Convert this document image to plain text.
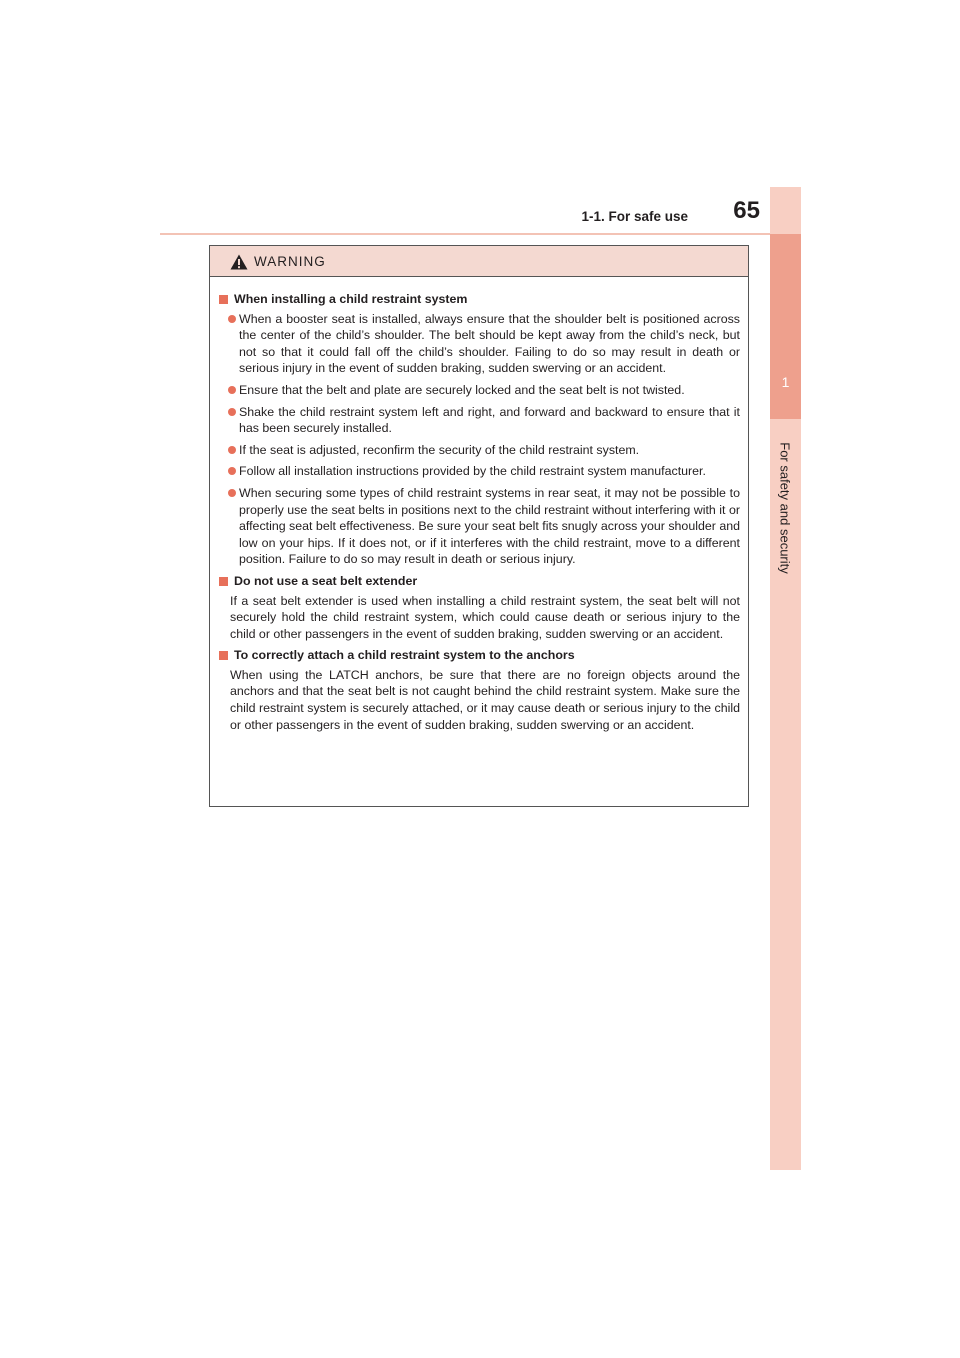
1-1. For safe use	65
1
For safety and security
WARNING
When installing a child restraint system
When a booster seat is installed, always ensure that the shoulder belt is positioned across the center of the child’s shoulder. The belt should be kept away from the child’s neck, but not so that it could fall off the child’s shoulder. Failing to do so may result in death or serious injury in the event of sudden braking, sudden swerving or an accident.
Ensure that the belt and plate are securely locked and the seat belt is not twisted.
Shake the child restraint system left and right, and forward and backward to ensure that it has been securely installed.
If the seat is adjusted, reconfirm the security of the child restraint system.
Follow all installation instructions provided by the child restraint system manufacturer.
When securing some types of child restraint systems in rear seat, it may not be possible to properly use the seat belts in positions next to the child restraint without interfering with it or affecting seat belt effectiveness. Be sure your seat belt fits snugly across your shoulder and low on your hips. If it does not, or if it interferes with the child restraint, move to a different position. Failure to do so may result in death or serious injury.
Do not use a seat belt extender
If a seat belt extender is used when installing a child restraint system, the seat belt will not securely hold the child restraint system, which could cause death or serious injury to the child or other passengers in the event of sudden braking, sudden swerving or an accident.
To correctly attach a child restraint system to the anchors
When using the LATCH anchors, be sure that there are no foreign objects around the anchors and that the seat belt is not caught behind the child restraint system. Make sure the child restraint system is securely attached, or it may cause death or serious injury to the child or other passengers in the event of sudden braking, sudden swerving or an accident.
